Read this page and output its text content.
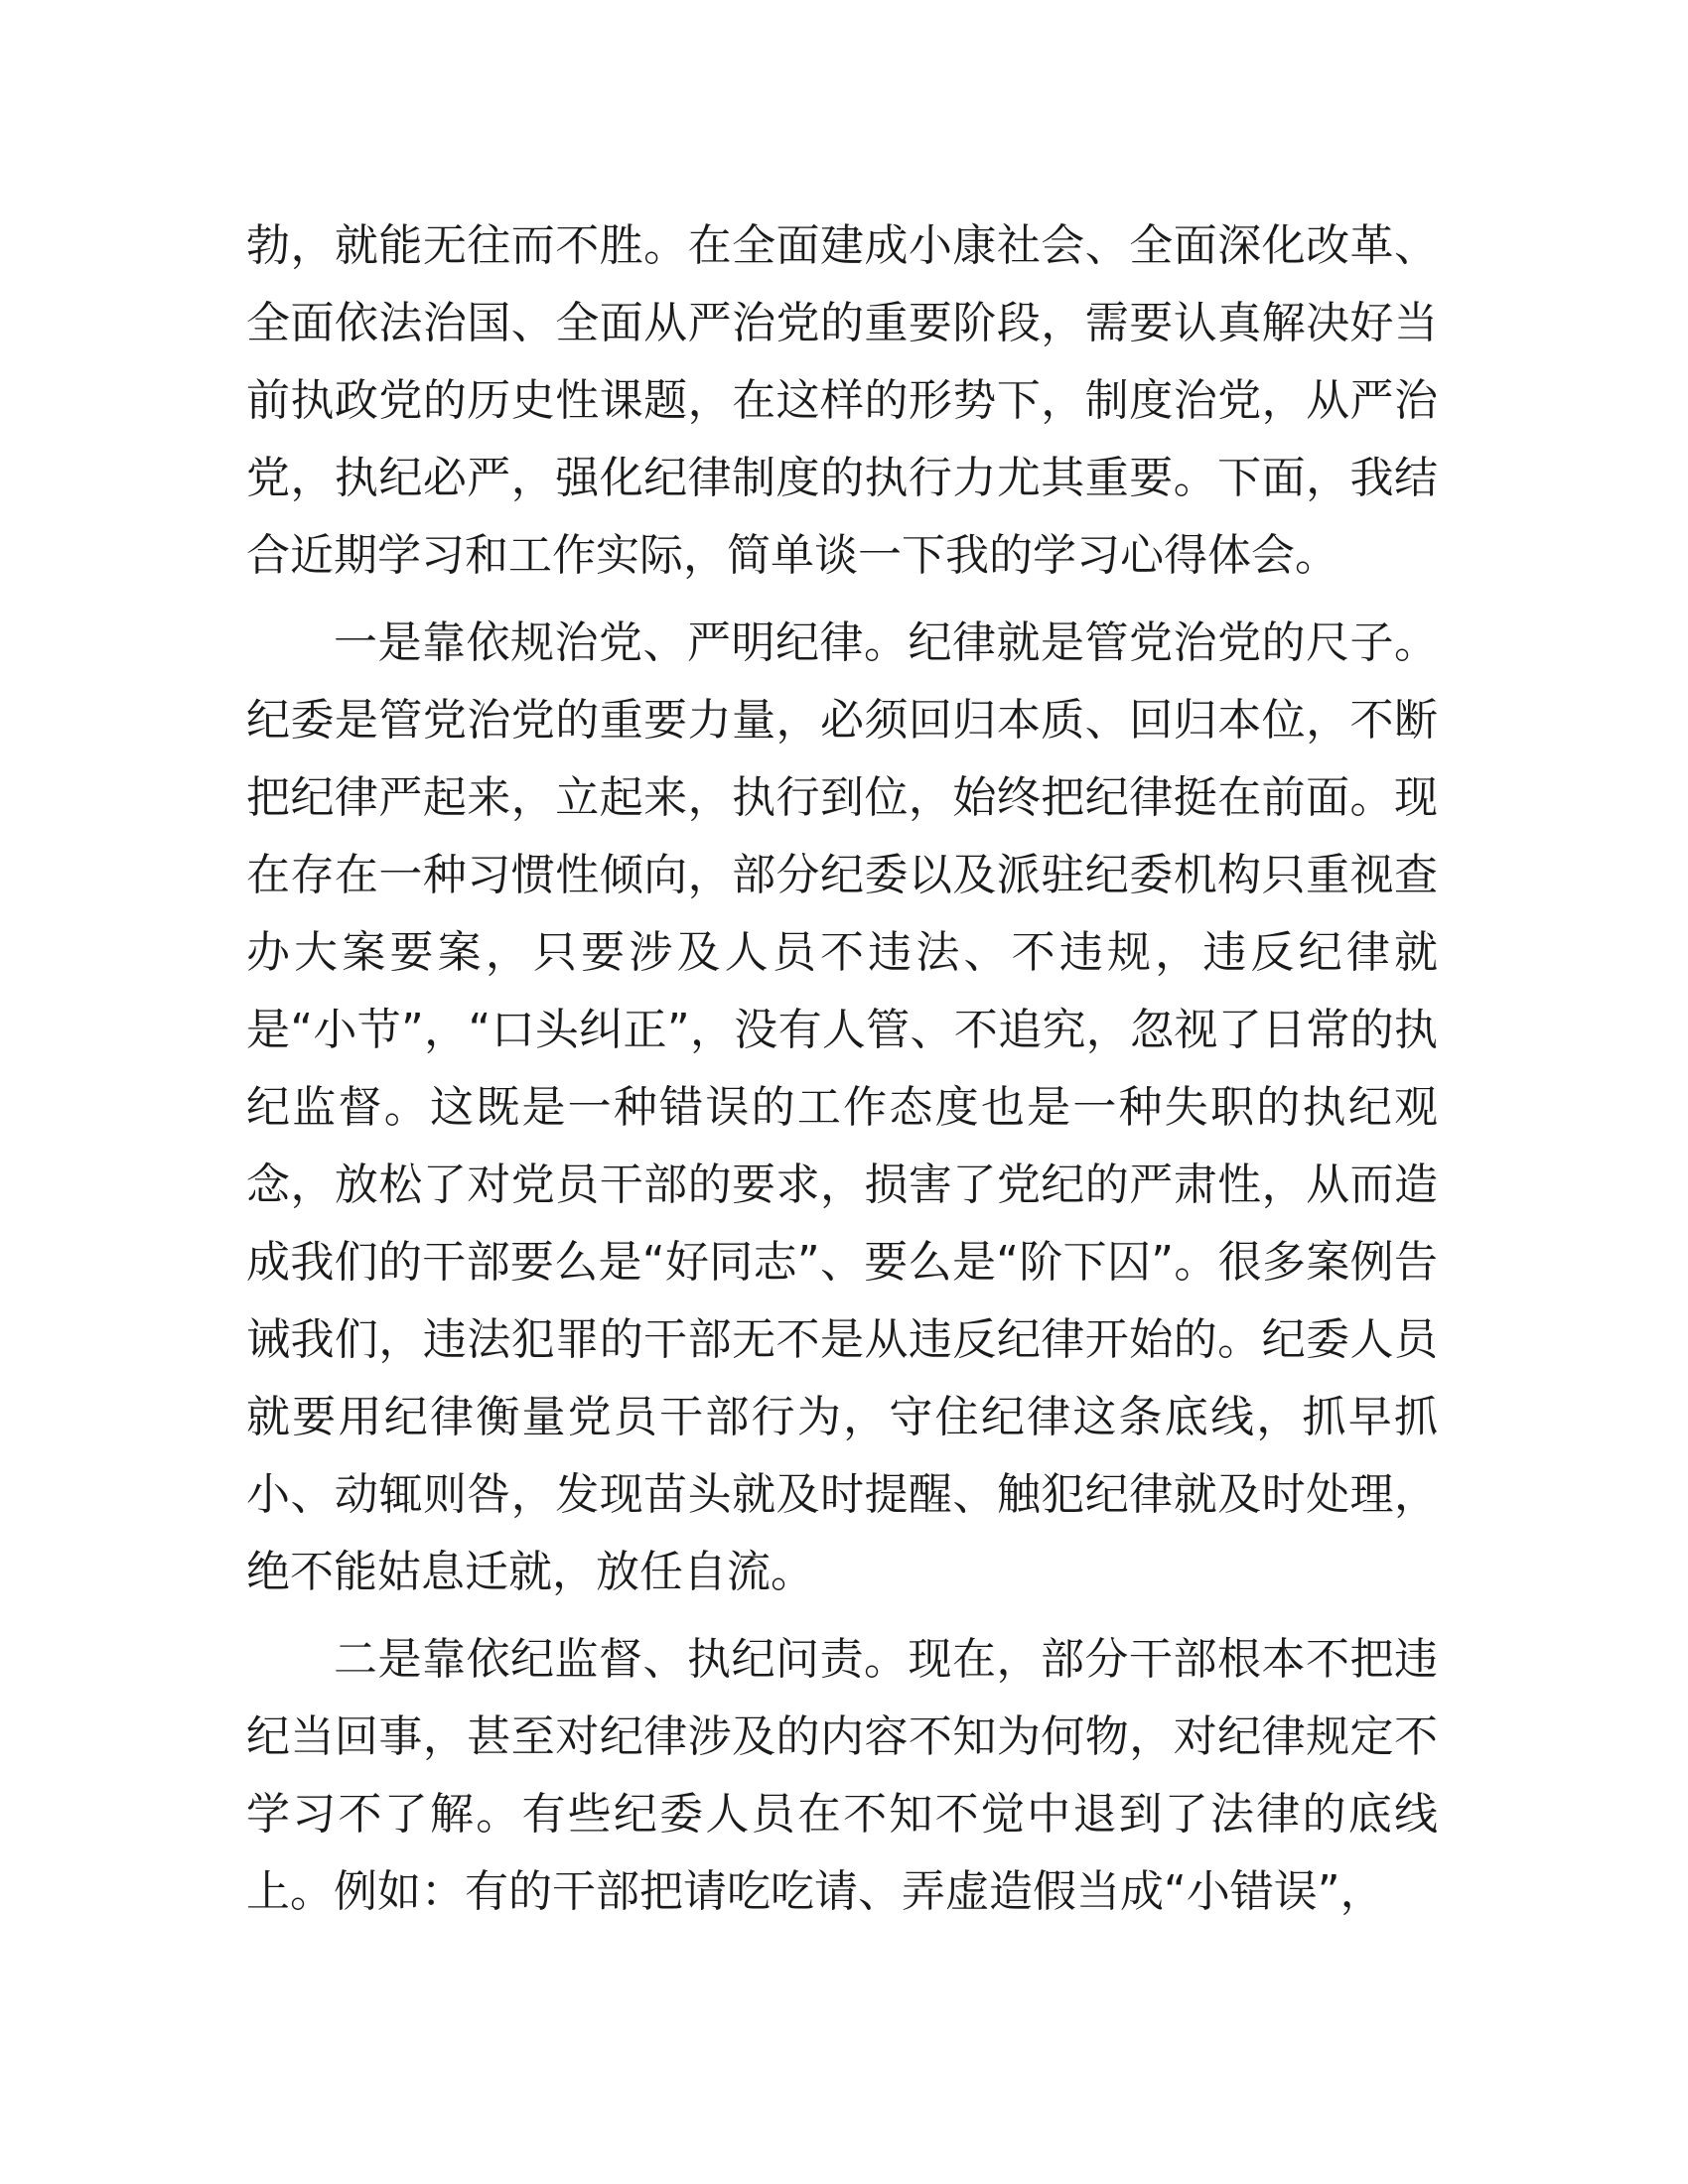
勃，就能无往而不胜。在全面建成小康社会、全面深化改革、全面依法治国、全面从严治党的重要阶段，需要认真解决好当前执政党的历史性课题，在这样的形势下，制度治党，从严治党，执纪必严，强化纪律制度的执行力尤其重要。下面，我结合近期学习和工作实际，简单谈一下我的学习心得体会。

一是靠依规治党、严明纪律。纪律就是管党治党的尺子。纪委是管党治党的重要力量，必须回归本质、回归本位，不断把纪律严起来，立起来，执行到位，始终把纪律挺在前面。现在存在一种习惯性倾向，部分纪委以及派驻纪委机构只重视查办大案要案，只要涉及人员不违法、不违规，违反纪律就是“小节”，“口头纠正”，没有人管、不追究，忽视了日常的执纪监督。这既是一种错误的工作态度也是一种失职的执纪观念，放松了对党员干部的要求，损害了党纪的严肃性，从而造成我们的干部要么是“好同志”、要么是“阶下囚”。很多案例告诫我们，违法犯罪的干部无不是从违反纪律开始的。纪委人员就要用纪律衡量党员干部行为，守住纪律这条底线，抓早抓小、动辄则咎，发现苗头就及时提醒、触犯纪律就及时处理，绝不能姑息迁就，放任自流。

二是靠依纪监督、执纪问责。现在，部分干部根本不把违纪当回事，甚至对纪律涉及的内容不知为何物，对纪律规定不学习不了解。有些纪委人员在不知不觉中退到了法律的底线上。例如：有的干部把请吃吃请、弄虚造假当成“小错误”，
